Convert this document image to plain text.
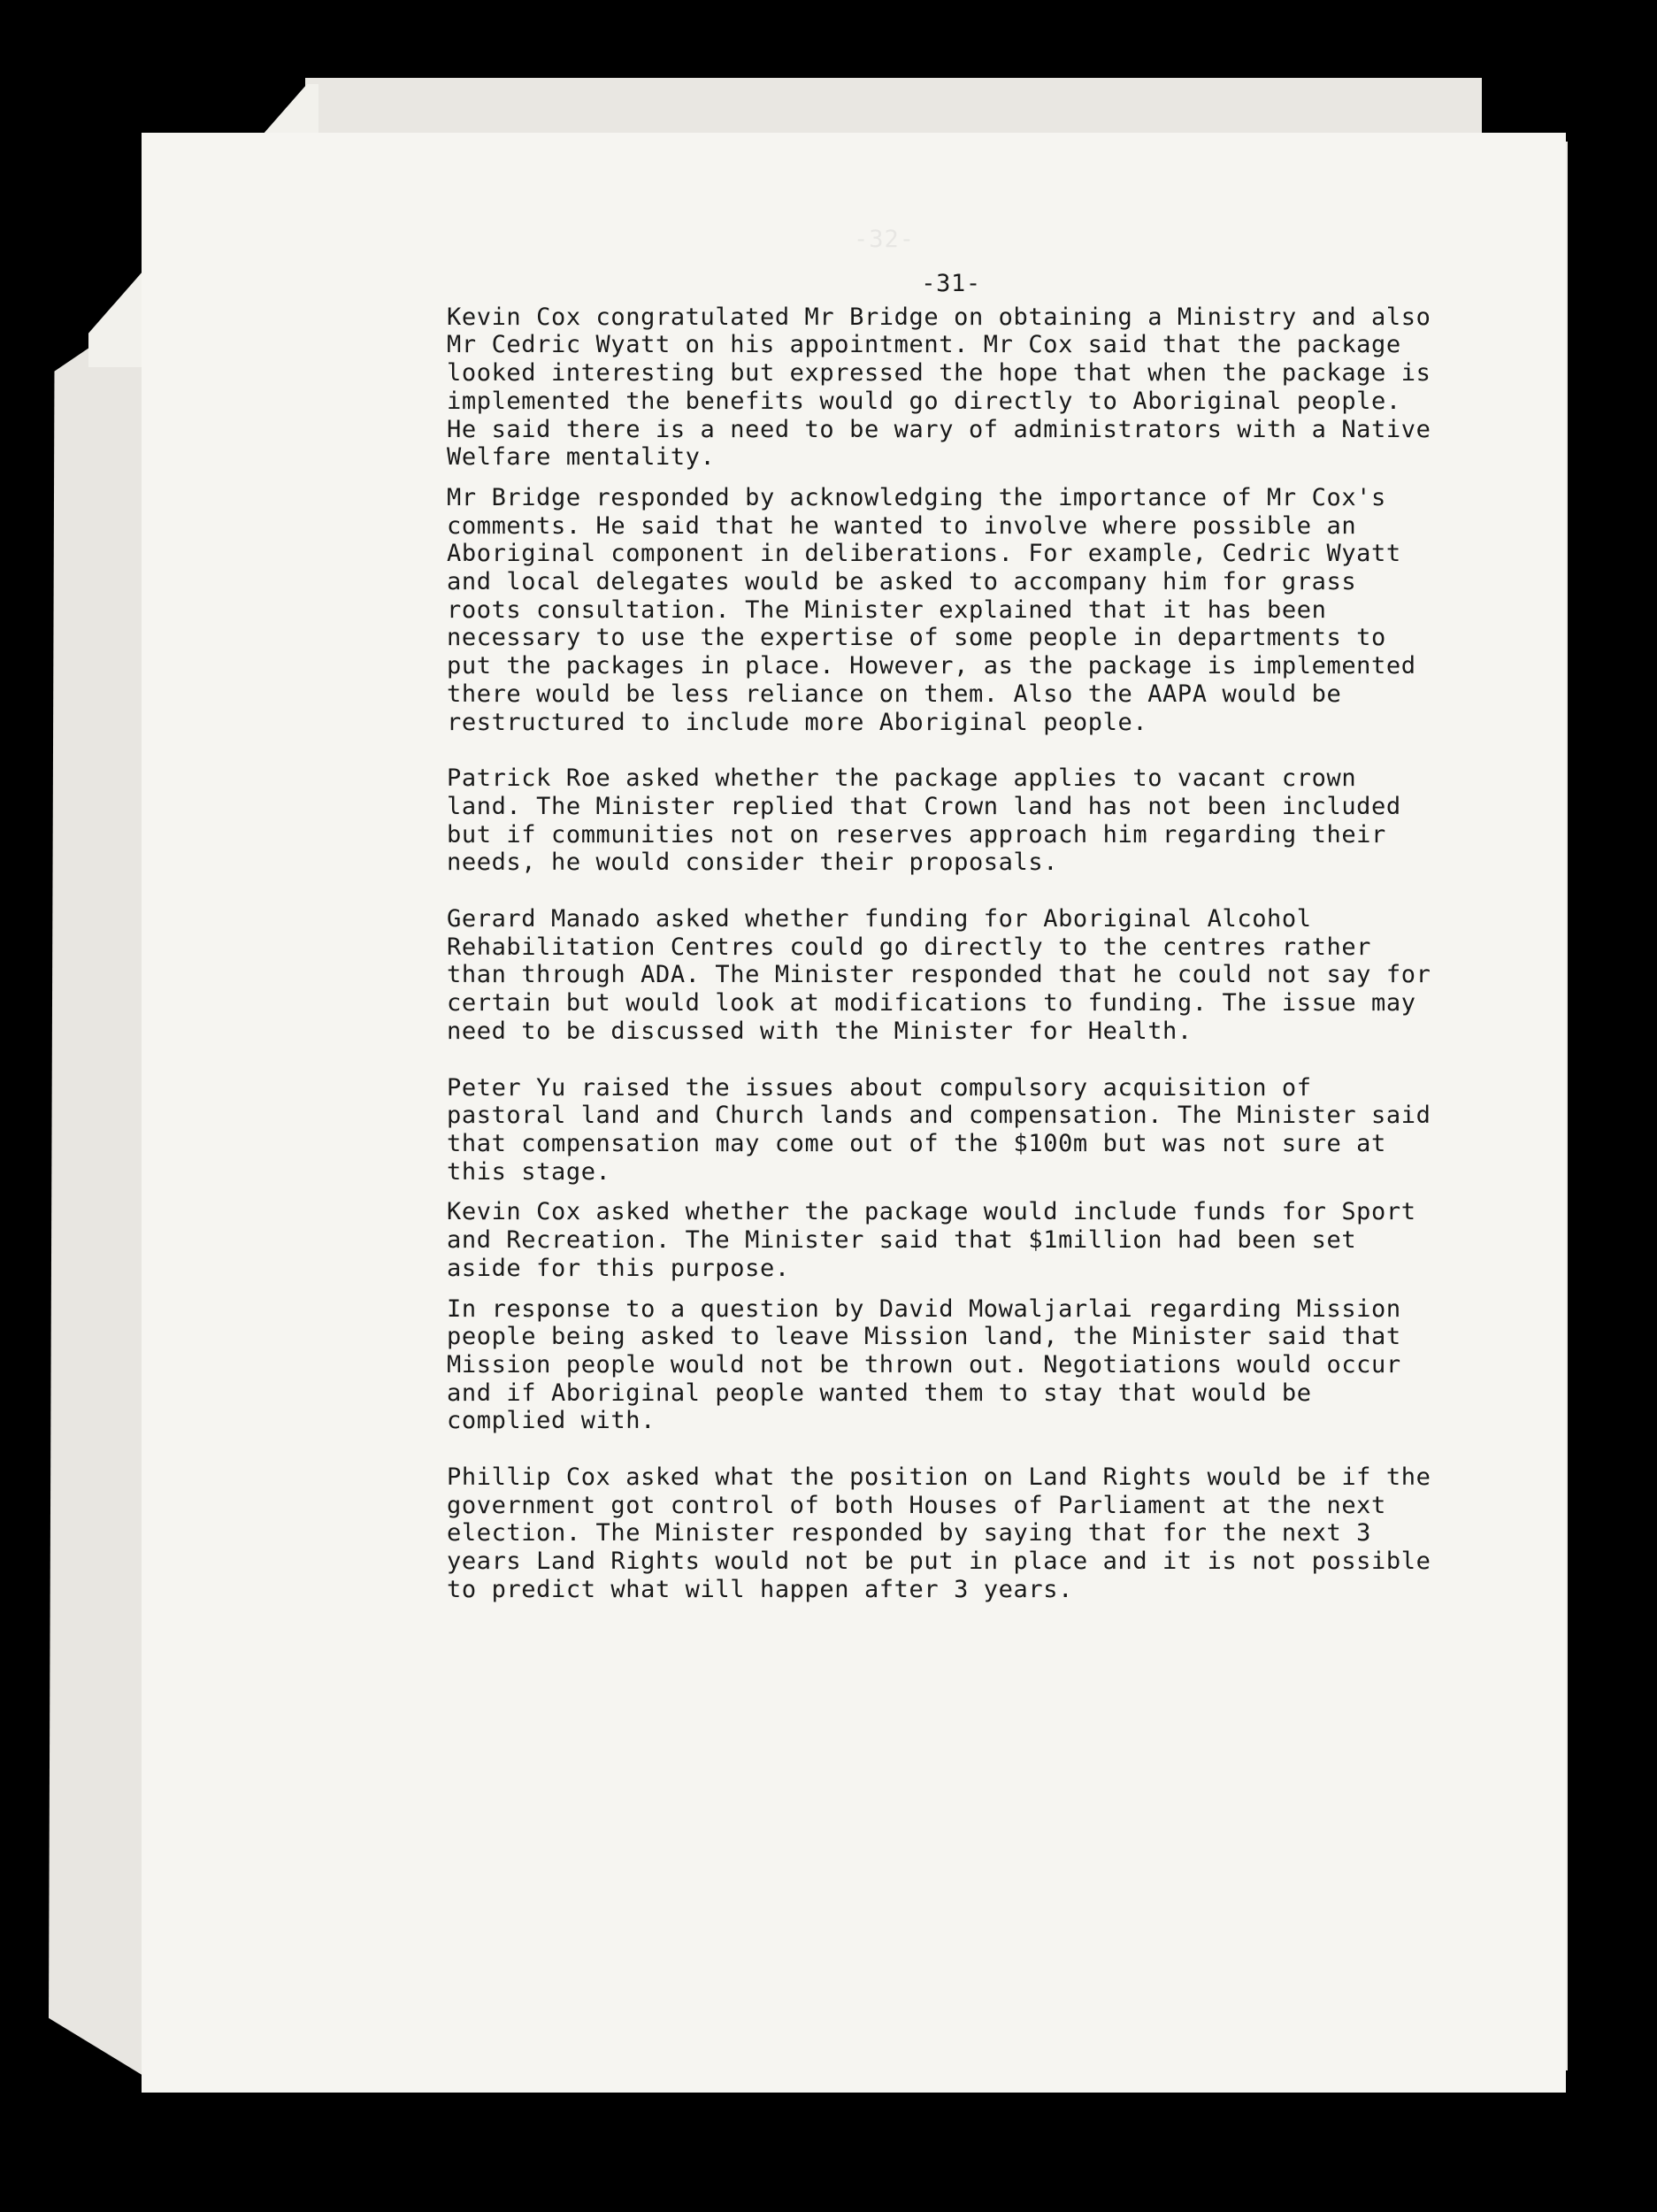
-32-
-31-

Kevin Cox congratulated Mr Bridge on obtaining a Ministry and also Mr Cedric Wyatt on his appointment. Mr Cox said that the package looked interesting but expressed the hope that when the package is implemented the benefits would go directly to Aboriginal people. He said there is a need to be wary of administrators with a Native Welfare mentality.

Mr Bridge responded by acknowledging the importance of Mr Cox's comments. He said that he wanted to involve where possible an Aboriginal component in deliberations. For example, Cedric Wyatt and local delegates would be asked to accompany him for grass roots consultation. The Minister explained that it has been necessary to use the expertise of some people in departments to put the packages in place. However, as the package is implemented there would be less reliance on them. Also the AAPA would be restructured to include more Aboriginal people.

Patrick Roe asked whether the package applies to vacant crown land. The Minister replied that Crown land has not been included but if communities not on reserves approach him regarding their needs, he would consider their proposals.

Gerard Manado asked whether funding for Aboriginal Alcohol Rehabilitation Centres could go directly to the centres rather than through ADA. The Minister responded that he could not say for certain but would look at modifications to funding. The issue may need to be discussed with the Minister for Health.

Peter Yu raised the issues about compulsory acquisition of pastoral land and Church lands and compensation. The Minister said that compensation may come out of the $100m but was not sure at this stage.

Kevin Cox asked whether the package would include funds for Sport and Recreation. The Minister said that $1million had been set aside for this purpose.

In response to a question by David Mowaljarlai regarding Mission people being asked to leave Mission land, the Minister said that Mission people would not be thrown out. Negotiations would occur and if Aboriginal people wanted them to stay that would be complied with.

Phillip Cox asked what the position on Land Rights would be if the government got control of both Houses of Parliament at the next election. The Minister responded by saying that for the next 3 years Land Rights would not be put in place and it is not possible to predict what will happen after 3 years.
